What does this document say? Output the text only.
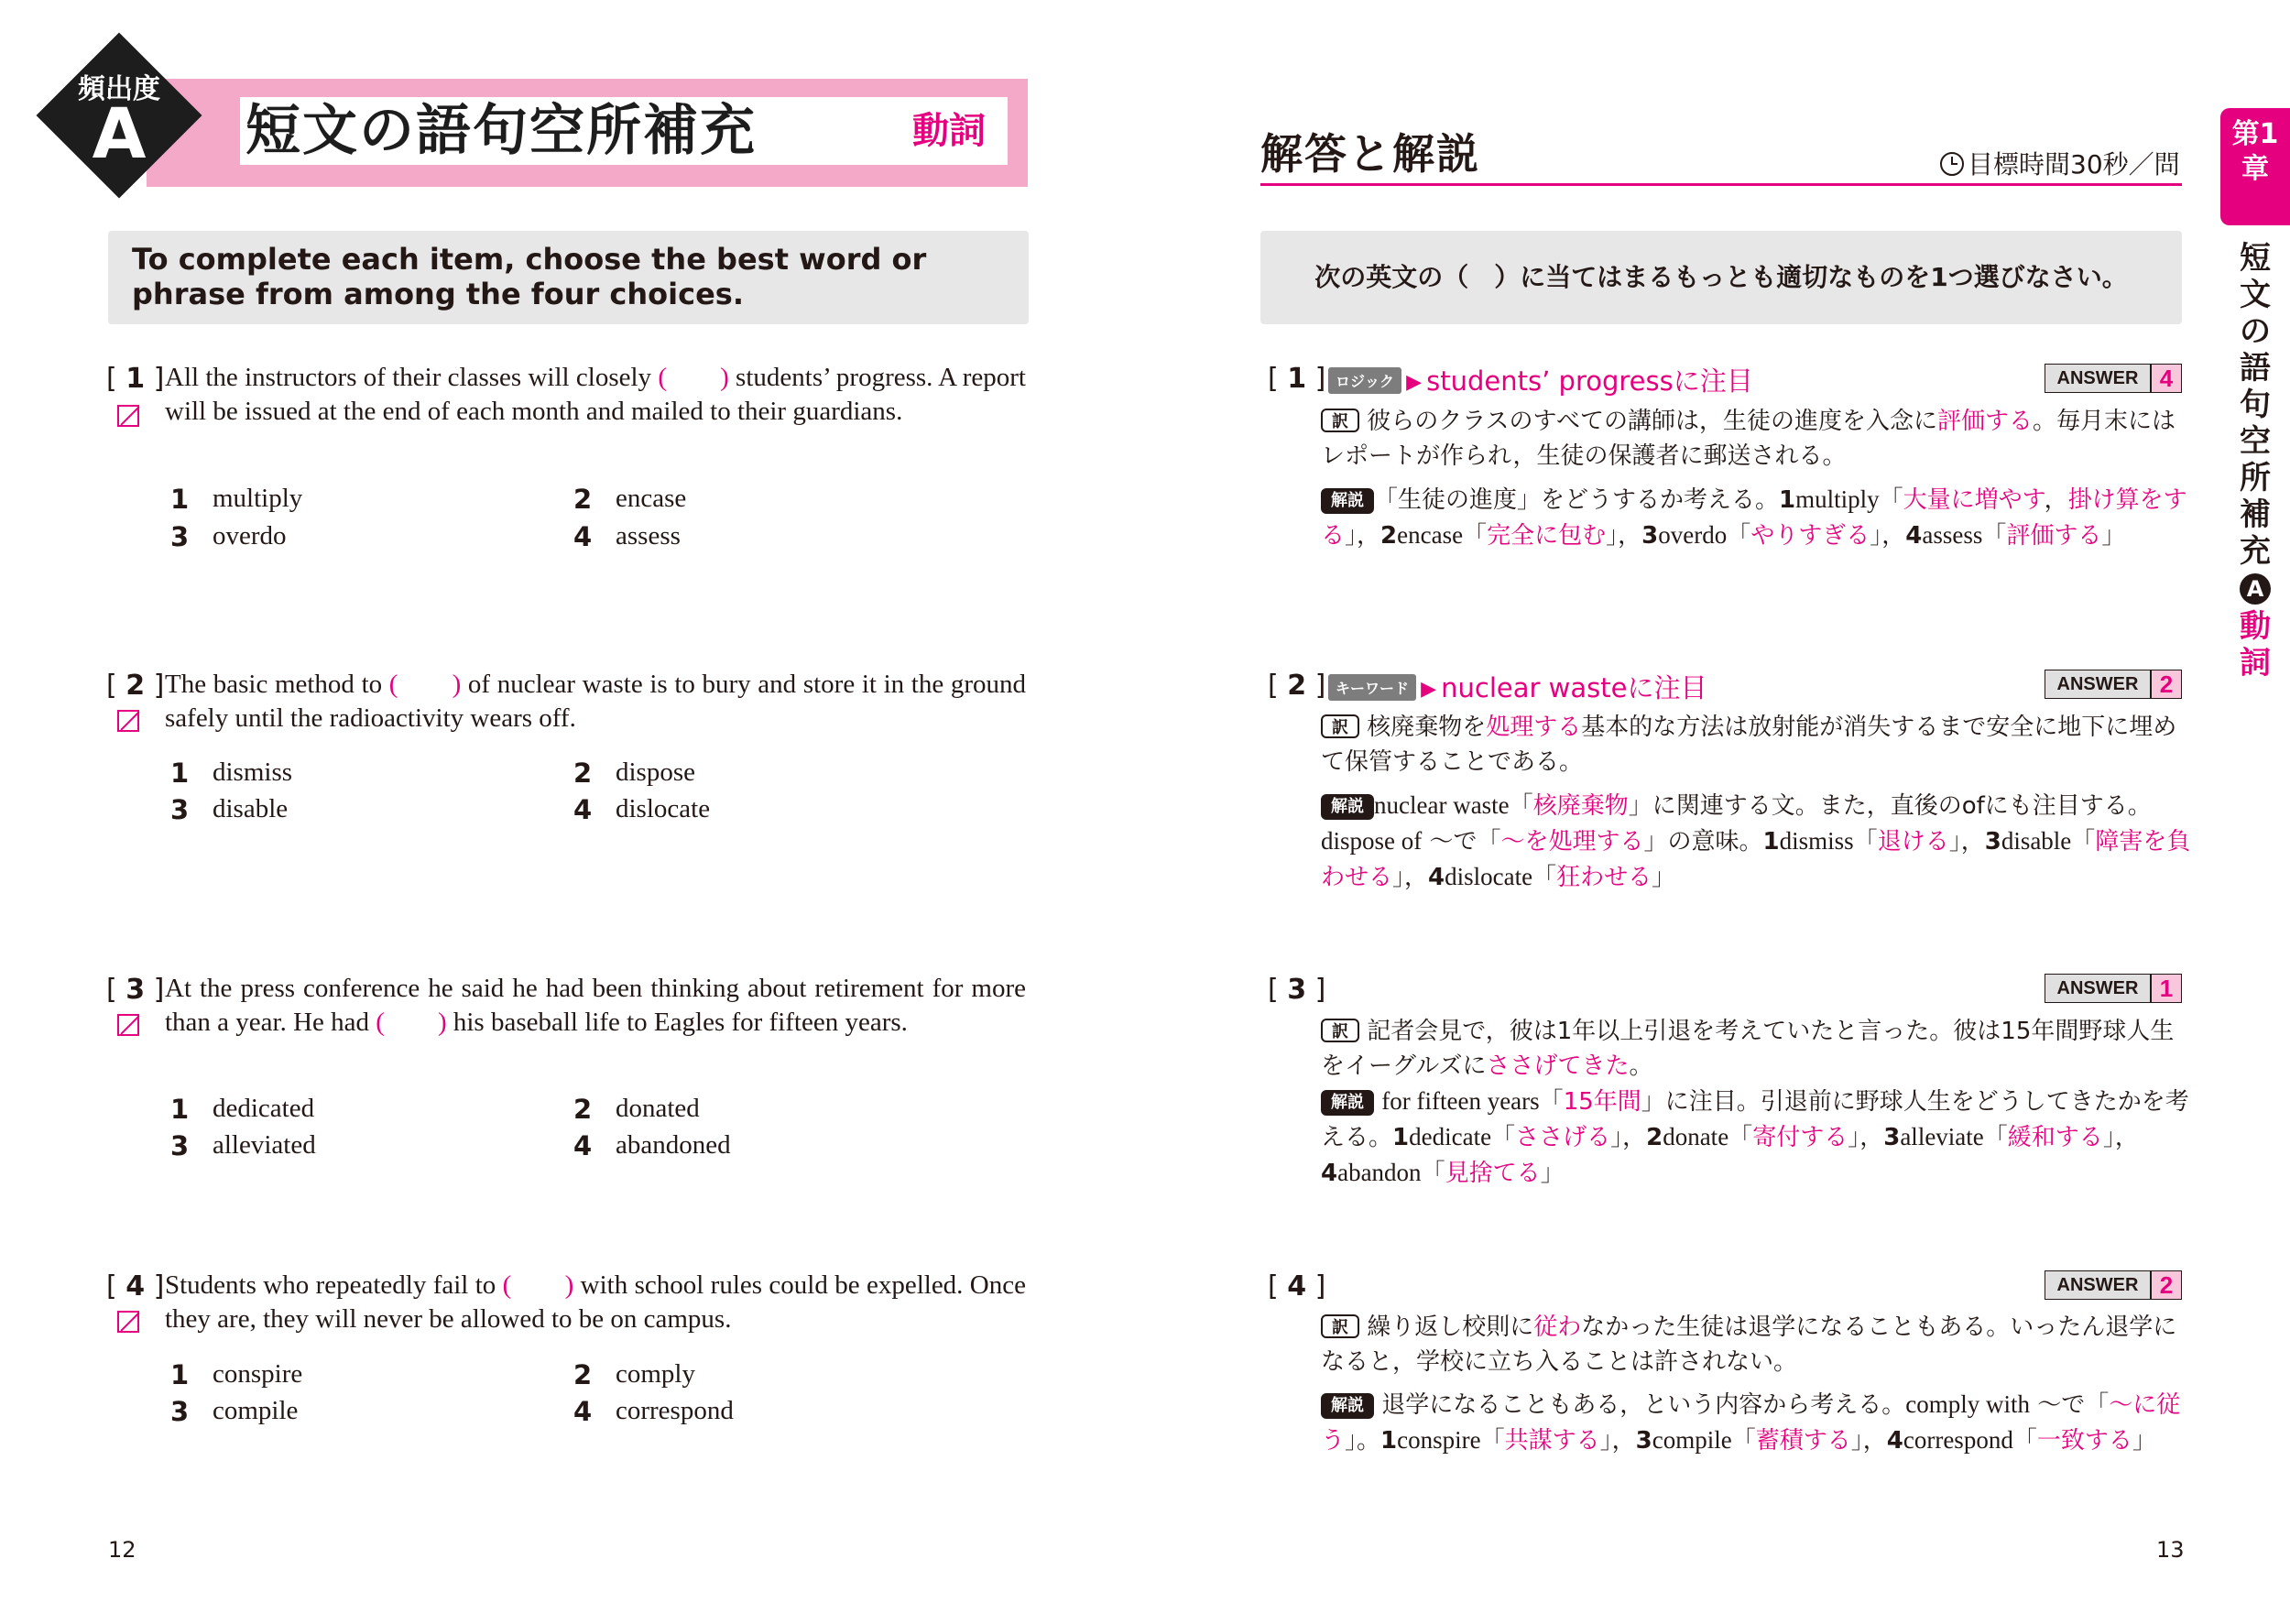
頻出度
A	短文の語句空所補充	動詞
To complete each item, choose the best word or phrase from among the four choices.
[ 1 ] All the instructors of their classes will closely (　　) students’ progress. A report will be issued at the end of each month and mailed to their guardians.
1 multiply	2 encase
3 overdo	4 assess
[ 2 ] The basic method to (　　) of nuclear waste is to bury and store it in the ground safely until the radioactivity wears off.
1 dismiss	2 dispose
3 disable	4 dislocate
[ 3 ] At the press conference he said he had been thinking about retirement for more than a year. He had (　　) his baseball life to Eagles for fifteen years.
1 dedicated	2 donated
3 alleviated	4 abandoned
[ 4 ] Students who repeatedly fail to (　　) with school rules could be expelled. Once they are, they will never be allowed to be on campus.
1 conspire	2 comply
3 compile	4 correspond
12
解答と解説	目標時間30秒／問
次の英文の（　）に当てはまるもっとも適切なものを1つ選びなさい。
[ 1 ] ロジック ▶ students’ progressに注目	ANSWER 4
訳 彼らのクラスのすべての講師は，生徒の進度を入念に評価する。毎月末にはレポートが作られ，生徒の保護者に郵送される。
解説 「生徒の進度」をどうするか考える。1multiply「大量に増やす，掛け算をする」，2encase「完全に包む」，3overdo「やりすぎる」，4assess「評価する」
[ 2 ] キーワード ▶ nuclear wasteに注目	ANSWER 2
訳 核廃棄物を処理する基本的な方法は放射能が消失するまで安全に地下に埋めて保管することである。
解説 nuclear waste「核廃棄物」に関連する文。また，直後のofにも注目する。dispose of 〜で「〜を処理する」の意味。1dismiss「退ける」，3disable「障害を負わせる」，4dislocate「狂わせる」
[ 3 ]	ANSWER 1
訳 記者会見で，彼は1年以上引退を考えていたと言った。彼は15年間野球人生をイーグルズにささげてきた。
解説 for fifteen years「15年間」に注目。引退前に野球人生をどうしてきたかを考える。1dedicate「ささげる」，2donate「寄付する」，3alleviate「緩和する」，4abandon「見捨てる」
[ 4 ]	ANSWER 2
訳 繰り返し校則に従わなかった生徒は退学になることもある。いったん退学になると，学校に立ち入ることは許されない。
解説 退学になることもある，という内容から考える。comply with 〜で「〜に従う」。1conspire「共謀する」，3compile「蓄積する」，4correspond「一致する」
13
第1章
短文の語句空所補充
A
動詞
